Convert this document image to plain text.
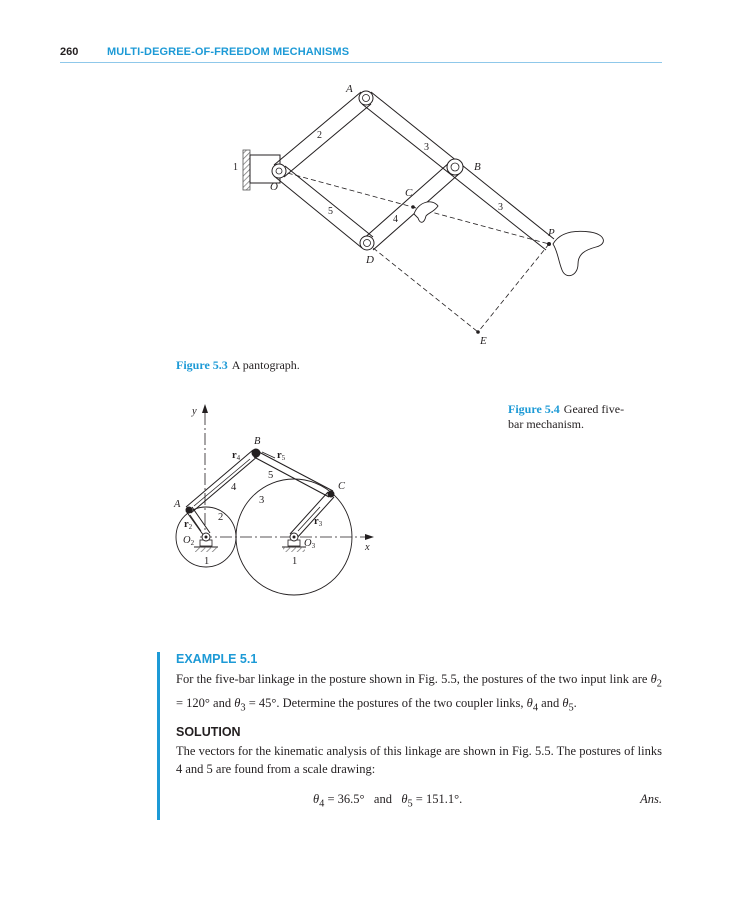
260	MULTI-DEGREE-OF-FREEDOM MECHANISMS
A
B
C
D
E
O
P
1
2
3
3
4
5
Figure 5.3 A pantograph.
y
x
A
B
C
O2	O3
r2	r3
r4	r5
1	1
2
3
4
5
Figure 5.4 Geared five-bar mechanism.
EXAMPLE 5.1
For the five-bar linkage in the posture shown in Fig. 5.5, the postures of the two input link are $\theta_2 = 120^\circ$ and $\theta_3 = 45^\circ$. Determine the postures of the two coupler links, $\theta_4$ and $\theta_5$.
SOLUTION
The vectors for the kinematic analysis of this linkage are shown in Fig. 5.5. The postures of links 4 and 5 are found from a scale drawing:
$\theta_4 = 36.5^\circ$   and   $\theta_5 = 151.1^\circ$.	Ans.
